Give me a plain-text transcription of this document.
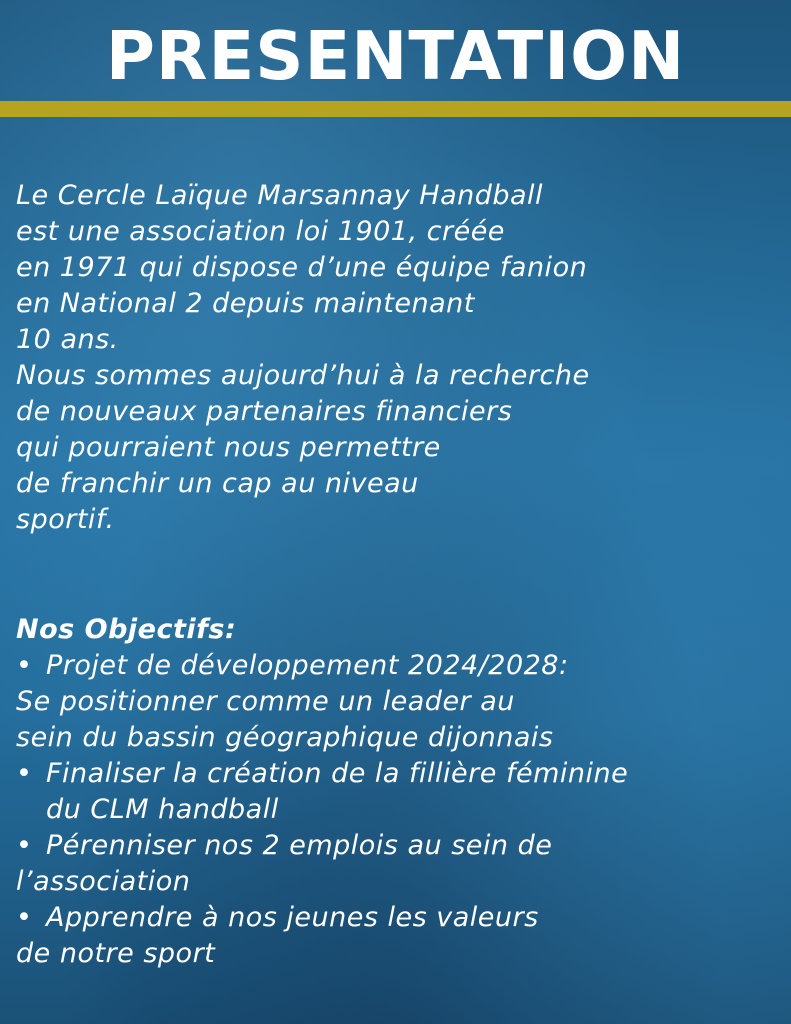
PRESENTATION
Le Cercle Laïque Marsannay Handball
est une association loi 1901, créée
en 1971 qui dispose d’une équipe fanion
en National 2 depuis maintenant
10 ans.
Nous sommes aujourd’hui à la recherche
de nouveaux partenaires financiers
qui pourraient nous permettre
de franchir un cap au niveau
sportif.
Nos Objectifs:
• Projet de développement 2024/2028:
Se positionner comme un leader au
sein du bassin géographique dijonnais
• Finaliser la création de la fillière féminine
du CLM handball
• Pérenniser nos 2 emplois au sein de
l’association
• Apprendre à nos jeunes les valeurs
de notre sport
